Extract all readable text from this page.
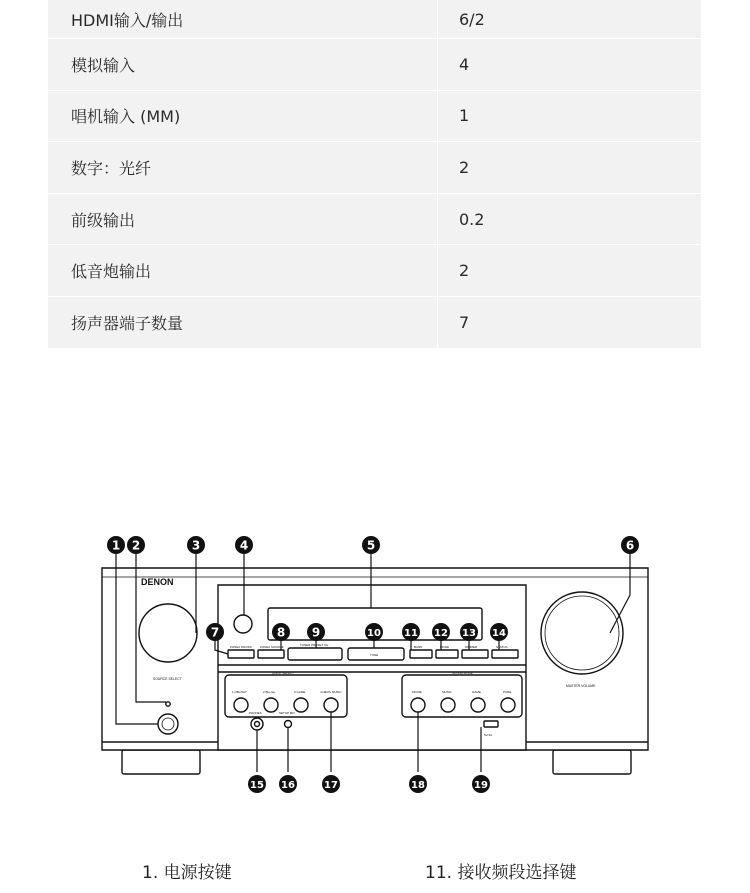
HDMI输入/输出	6/2
模拟输入	4
唱机输入 (MM)	1
数字：光纤	2
前级输出	0.2
低音炮输出	2
扬声器端子数量	7
DENON
SOURCE SELECT
MASTER VOLUME
ZONE2 ON/OFF	ZONE2 SOURCE	TUNER PRESET CH
TUNE
BAND	MODE	DIMMER	STATUS
QUICK SELECT	SOUND MODE
1 CBL/SAT	2 Blu-ray	3 GAME	4 HEOS MUSIC	MOVIE	MUSIC	GAME	PURE
PHONES	SETUP MIC
5V/1A
1 2	3	4	5	6
7	8 9	10 11 12 13 14
15 16	17	18	19
1. 电源按键	11. 接收频段选择键
